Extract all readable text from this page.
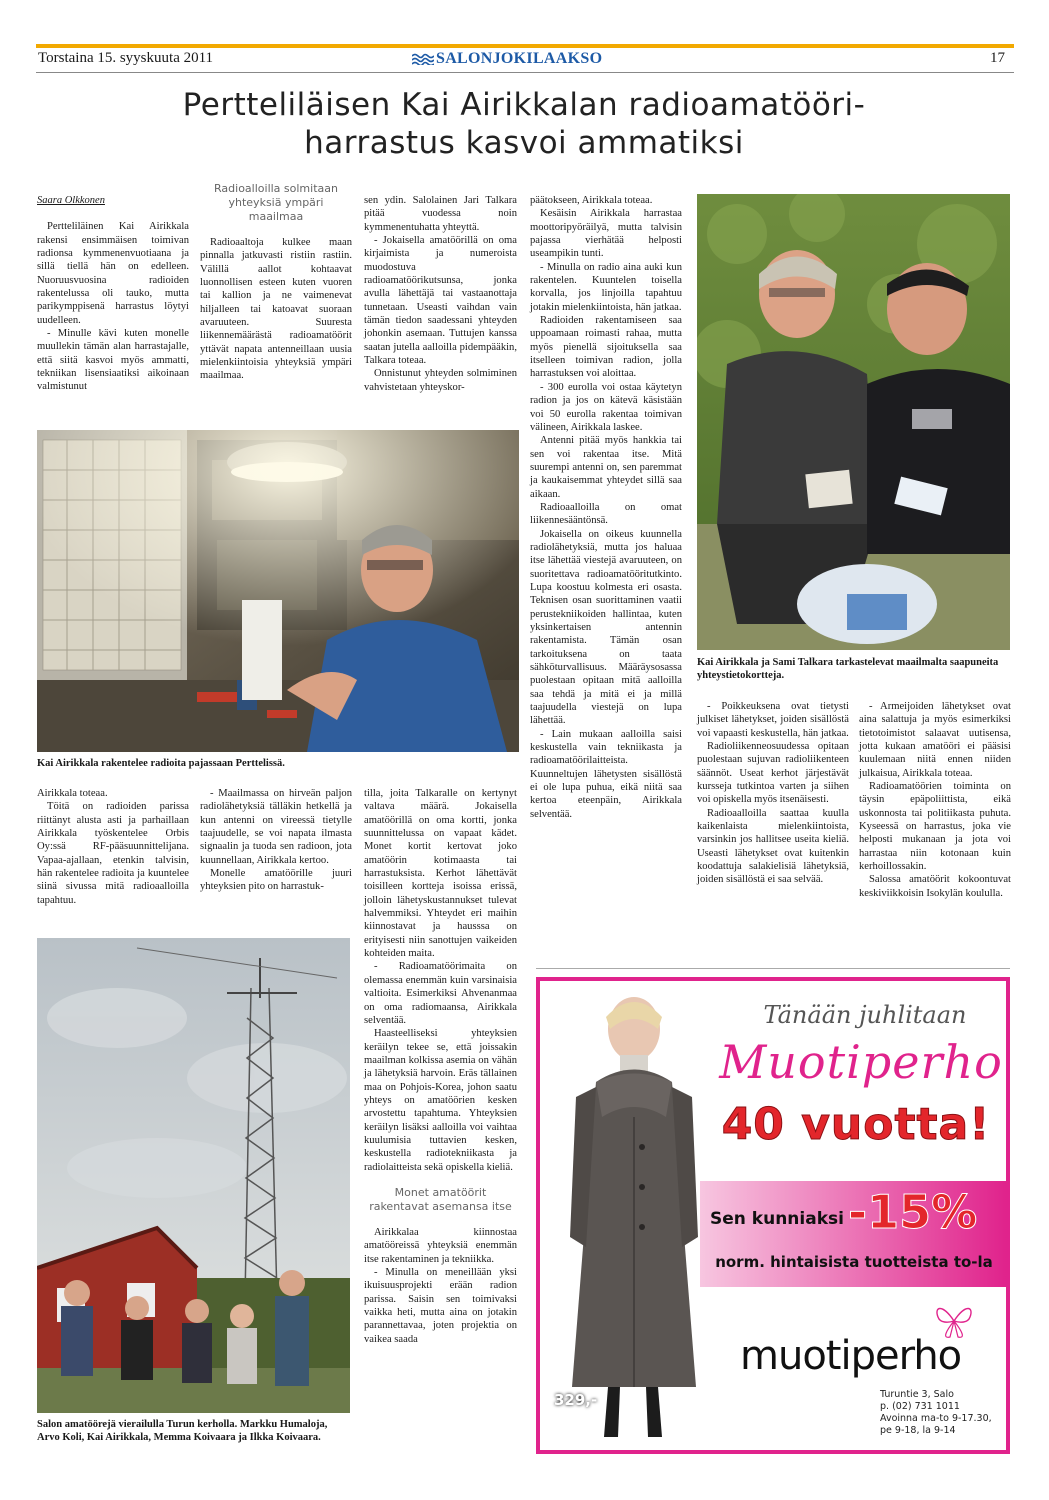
Torstaina 15. syyskuuta 2011	SALONJOKILAAKSO	17
Pertteliläisen Kai Airikkalan radioamatööri-
harrastus kasvoi ammatiksi

Saara Olkkonen

Pertteliläinen Kai Airikkala rakensi ensimmäisen toimivan radionsa kymmenenvuotiaana ja sillä tiellä hän on edelleen. Nuoruusvuosina radioiden rakentelussa oli tauko, mutta parikymppisenä harrastus löytyi uudelleen.

- Minulle kävi kuten monelle muullekin tämän alan harrastajalle, että siitä kasvoi myös ammatti, tekniikan lisensiaatiksi aikoinaan valmistunut

Radioalloilla solmitaan yhteyksiä ympäri maailmaa

Radioaaltoja kulkee maan pinnalla jatkuvasti ristiin rastiin. Välillä aallot kohtaavat luonnollisen esteen kuten vuoren tai kallion ja ne vaimenevat hiljalleen tai katoavat suoraan avaruuteen. Suuresta liikennemäärästä radioamatöörit yttävät napata antenneillaan uusia mielenkiintoisia yhteyksiä ympäri maailmaa.

sen ydin. Salolainen Jari Talkara pitää vuodessa noin kymmenentuhatta yhteyttä.

- Jokaisella amatöörillä on oma kirjaimista ja numeroista muodostuva radioamatöörikutsunsa, jonka avulla lähettäjä tai vastaanottaja tunnetaan. Useasti vaihdan vain tämän tiedon saadessani yhteyden johonkin asemaan. Tuttujen kanssa saatan jutella aalloilla pidempääkin, Talkara toteaa.

Onnistunut yhteyden solmiminen vahvistetaan yhteyskor-

päätokseen, Airikkala toteaa.

Kesäisin Airikkala harrastaa moottoripyöräilyä, mutta talvisin pajassa vierhätää helposti useampikin tunti.

- Minulla on radio aina auki kun rakentelen. Kuuntelen toisella korvalla, jos linjoilla tapahtuu jotakin mielenkiintoista, hän jatkaa.

Radioiden rakentamiseen saa uppoamaan roimasti rahaa, mutta myös pienellä sijoituksella saa itselleen toimivan radion, jolla harrastuksen voi aloittaa.

- 300 eurolla voi ostaa käytetyn radion ja jos on kätevä käsistään voi 50 eurolla rakentaa toimivan välineen, Airikkala laskee.

Antenni pitää myös hankkia tai sen voi rakentaa itse. Mitä suurempi antenni on, sen paremmat ja kaukaisemmat yhteydet sillä saa aikaan.

Radioaalloilla on omat liikennesääntönsä.

Jokaisella on oikeus kuunnella radiolähetyksiä, mutta jos haluaa itse lähettää viestejä avaruuteen, on suoritettava radioamatööritutkinto. Lupa koostuu kolmesta eri osasta. Teknisen osan suorittaminen vaatii perustekniikoiden hallintaa, kuten yksinkertaisen antennin rakentamista. Tämän osan tarkoituksena on taata sähköturvallisuus. Määräysosassa puolestaan opitaan mitä aalloilla saa tehdä ja mitä ei ja millä taajuudella viestejä on lupa lähettää.

- Lain mukaan aalloilla saisi keskustella vain tekniikasta ja radioamatöörilaitteista. Kuunneltujen lähetysten sisällöstä ei ole lupa puhua, eikä niitä saa kertoa eteenpäin, Airikkala selventää.

Kai Airikkala rakentelee radioita pajassaan Perttelissä.
Kai Airikkala ja Sami Talkara tarkastelevat maailmalta saapuneita yhteystietokortteja.

Airikkala toteaa.

Töitä on radioiden parissa riittänyt alusta asti ja parhaillaan Airikkala työskentelee Orbis Oy:ssä RF-pääsuunnittelijana. Vapaa-ajallaan, etenkin talvisin, hän rakentelee radioita ja kuuntelee siinä sivussa mitä radioaalloilla tapahtuu.

- Maailmassa on hirveän paljon radiolähetyksiä tälläkin hetkellä ja kun antenni on vireessä tietylle taajuudelle, se voi napata ilmasta signaalin ja tuoda sen radioon, jota kuunnellaan, Airikkala kertoo.

Monelle amatöörille juuri yhteyksien pito on harrastuk-

tilla, joita Talkaralle on kertynyt valtava määrä. Jokaisella amatöörillä on oma kortti, jonka suunnittelussa on vapaat kädet. Monet kortit kertovat joko amatöörin kotimaasta tai harrastuksista. Kerhot lähettävät toisilleen kortteja isoissa erissä, jolloin lähetyskustannukset tulevat halvemmiksi. Yhteydet eri maihin kiinnostavat ja hausssa on erityisesti niin sanottujen vaikeiden kohteiden maita.

- Radioamatöörimaita on olemassa enemmän kuin varsinaisia valtioita. Esimerkiksi Ahvenanmaa on oma radiomaansa, Airikkala selventää.

Haasteelliseksi yhteyksien keräilyn tekee se, että joissakin maailman kolkissa asemia on vähän ja lähetyksiä harvoin. Eräs tällainen maa on Pohjois-Korea, johon saatu yhteys on amatöörien kesken arvostettu tapahtuma. Yhteyksien keräilyn lisäksi aalloilla voi vaihtaa kuulumisia tuttavien kesken, keskustella radiotekniikasta ja radiolaitteista sekä opiskella kieliä.

Monet amatöörit rakentavat asemansa itse

Airikkalaa kiinnostaa amatööreissä yhteyksiä enemmän itse rakentaminen ja tekniikka.

- Minulla on meneillään yksi ikuisuusprojekti erään radion parissa. Saisin sen toimivaksi vaikka heti, mutta aina on jotakin parannettavaa, joten projektia on vaikea saada

- Poikkeuksena ovat tietysti julkiset lähetykset, joiden sisällöstä voi vapaasti keskustella, hän jatkaa.

Radioliikenneosuudessa opitaan puolestaan sujuvan radioliikenteen säännöt. Useat kerhot järjestävät kursseja tutkintoa varten ja siihen voi opiskella myös itsenäisesti.

Radioaalloilla saattaa kuulla kaikenlaista mielenkiintoista, varsinkin jos hallitsee useita kieliä. Useasti lähetykset ovat kuitenkin koodattuja salakielisiä lähetyksiä, joiden sisällöstä ei saa selvää.

- Armeijoiden lähetykset ovat aina salattuja ja myös esimerkiksi tietotoimistot salaavat uutisensa, jotta kukaan amatööri ei pääsisi kuulemaan niitä ennen niiden julkaisua, Airikkala toteaa.

Radioamatöörien toiminta on täysin epäpoliittista, eikä uskonnosta tai politiikasta puhuta. Kyseessä on harrastus, joka vie helposti mukanaan ja jota voi harrastaa niin kotonaan kuin kerhoillossakin.

Salossa amatöörit kokoontuvat keskiviikkoisin Isokylän koululla.

Salon amatöörejä vierailulla Turun kerholla. Markku Humaloja, Arvo Koli, Kai Airikkala, Memma Koivaara ja Ilkka Koivaara.
329,-
Tänään juhlitaan
Muotiperho
40 vuotta!
Sen kunniaksi -15%
norm. hintaisista tuotteista to-la
muotiperho
Turuntie 3, Salo
p. (02) 731 1011
Avoinna ma-to 9-17.30,
pe 9-18, la 9-14
